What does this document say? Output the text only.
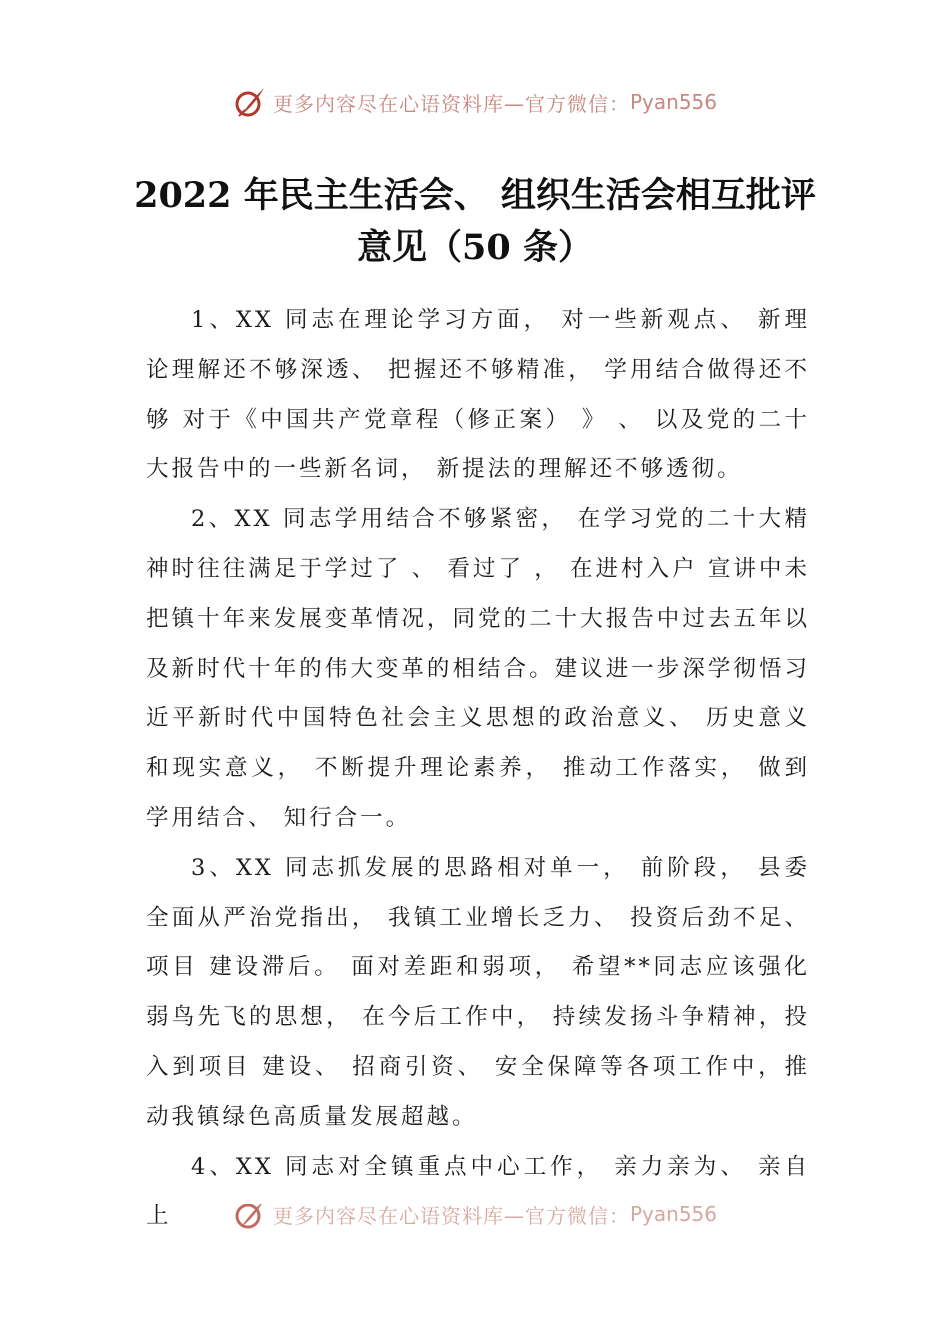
更多内容尽在心语资料库—官方微信： Pyan556
2022 年民主生活会、 组织生活会相互批评
意见（50 条）

1、XX 同志在理论学习方面， 对一些新观点、 新理论理解还不够深透、 把握还不够精准， 学用结合做得还不够 对于《中国共产党章程（修正案） 》 、 以及党的二十大报告中的一些新名词， 新提法的理解还不够透彻。

2、XX 同志学用结合不够紧密， 在学习党的二十大精神时往往满足于学过了 、 看过了 ， 在进村入户 宣讲中未把镇十年来发展变革情况，同党的二十大报告中过去五年以及新时代十年的伟大变革的相结合。建议进一步深学彻悟习近平新时代中国特色社会主义思想的政治意义、 历史意义和现实意义， 不断提升理论素养， 推动工作落实， 做到学用结合、 知行合一。

3、XX 同志抓发展的思路相对单一， 前阶段， 县委全面从严治党指出， 我镇工业增长乏力、 投资后劲不足、项目 建设滞后。 面对差距和弱项， 希望**同志应该强化弱鸟先飞的思想， 在今后工作中， 持续发扬斗争精神，投入到项目 建设、 招商引资、 安全保障等各项工作中，推动我镇绿色高质量发展超越。

4、XX 同志对全镇重点中心工作， 亲力亲为、 亲自上	更多内容尽在心语资料库—官方微信： Pyan556
